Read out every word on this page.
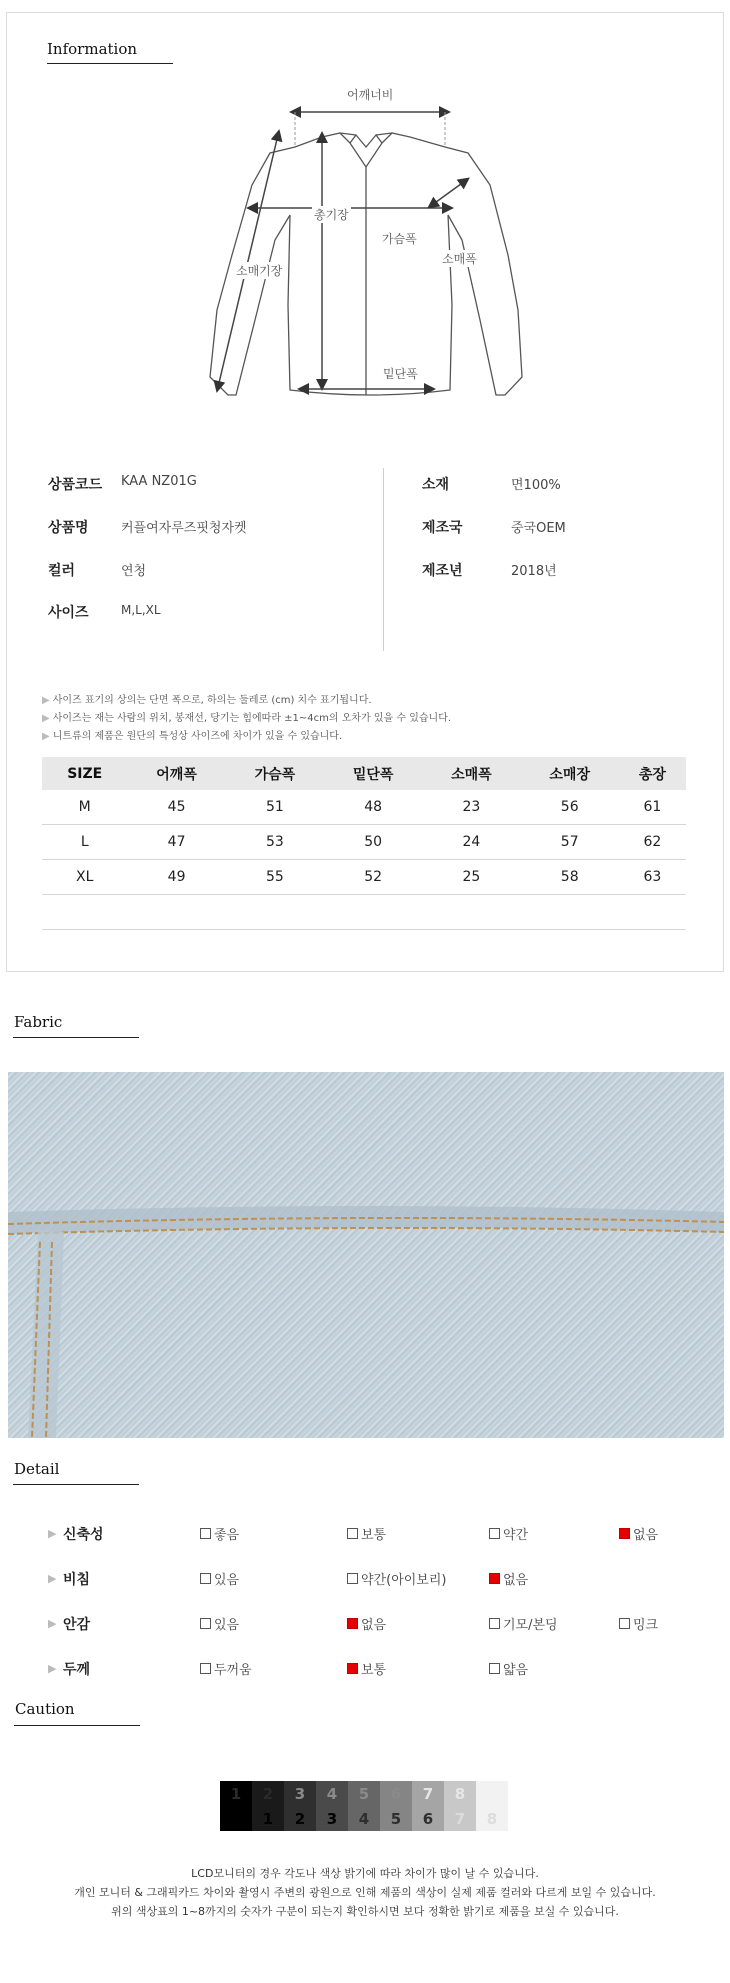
Information
어깨너비
총기장
가슴폭
소매폭
소매기장
밑단폭
상품코드 KAA NZ01G
상품명 커플여자루즈핏청자켓
컬러	연청
사이즈	M,L,XL
소재	면100%
제조국	중국OEM
제조년	2018년
▶ 사이즈 표기의 상의는 단면 폭으로, 하의는 둘레로 (cm) 치수 표기됩니다.
▶ 사이즈는 재는 사람의 위치, 봉재선, 당기는 힘에따라 ±1~4cm의 오차가 있을 수 있습니다.
▶ 니트류의 제품은 원단의 특성상 사이즈에 차이가 있을 수 있습니다.
SIZE	어깨폭	가슴폭	밑단폭	소매폭	소매장	총장
M	45	51	48	23	56	61
L	47	53	50	24	57	62
XL	49	55	52	25	58	63

Fabric
Detail
▶ 신축성	좋음	보통	약간	없음
▶ 비침	있음	약간(아이보리)	없음
▶ 안감	있음	없음	기모/본딩	밍크
▶ 두께	두꺼움	보통	얇음
Caution
1	2	3	4	5	6	7	8
1	2	3	4	5	6	7	8
LCD모니터의 경우 각도나 색상 밝기에 따라 차이가 많이 날 수 있습니다.
개인 모니터 & 그래픽카드 차이와 촬영시 주변의 광원으로 인해 제품의 색상이 실제 제품 컬러와 다르게 보일 수 있습니다.
위의 색상표의 1~8까지의 숫자가 구분이 되는지 확인하시면 보다 정확한 밝기로 제품을 보실 수 있습니다.
